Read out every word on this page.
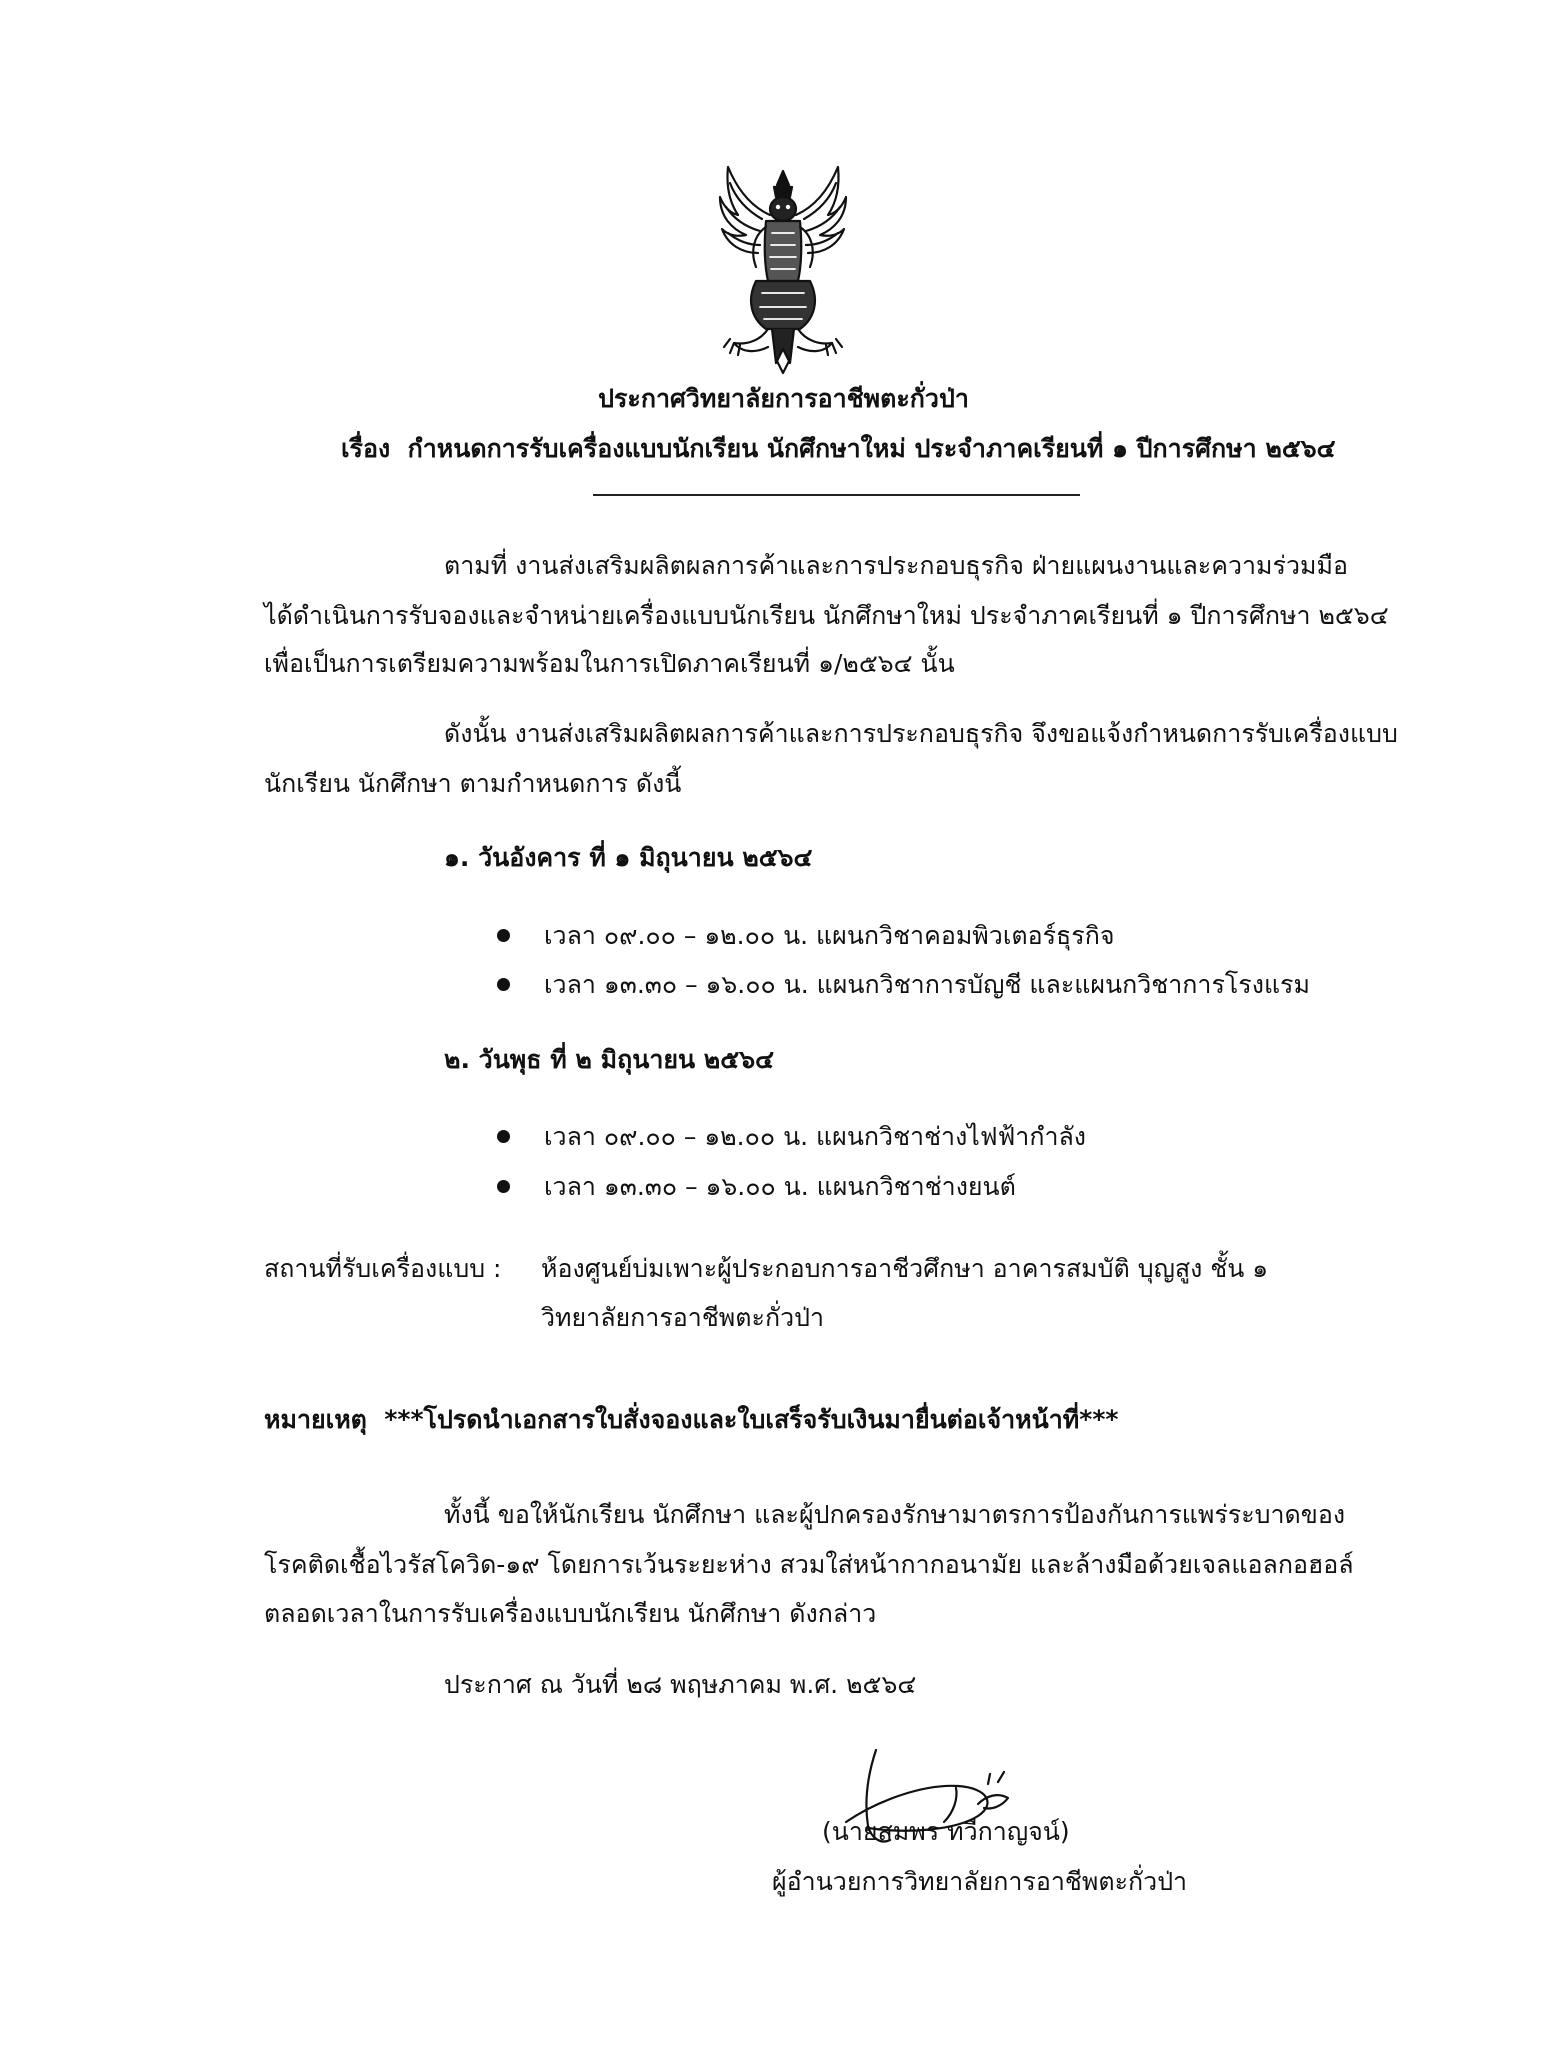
ประกาศวิทยาลัยการอาชีพตะกั่วป่า
เรื่อง กำหนดการรับเครื่องแบบนักเรียน นักศึกษาใหม่ ประจำภาคเรียนที่ ๑ ปีการศึกษา ๒๕๖๔
ตามที่ งานส่งเสริมผลิตผลการค้าและการประกอบธุรกิจ ฝ่ายแผนงานและความร่วมมือ
ได้ดำเนินการรับจองและจำหน่ายเครื่องแบบนักเรียน นักศึกษาใหม่ ประจำภาคเรียนที่ ๑ ปีการศึกษา ๒๕๖๔
เพื่อเป็นการเตรียมความพร้อมในการเปิดภาคเรียนที่ ๑/๒๕๖๔ นั้น
ดังนั้น งานส่งเสริมผลิตผลการค้าและการประกอบธุรกิจ จึงขอแจ้งกำหนดการรับเครื่องแบบ
นักเรียน นักศึกษา ตามกำหนดการ ดังนี้
๑. วันอังคาร ที่ ๑ มิถุนายน ๒๕๖๔
เวลา ๐๙.๐๐ – ๑๒.๐๐ น. แผนกวิชาคอมพิวเตอร์ธุรกิจ
เวลา ๑๓.๓๐ – ๑๖.๐๐ น. แผนกวิชาการบัญชี และแผนกวิชาการโรงแรม
๒. วันพุธ ที่ ๒ มิถุนายน ๒๕๖๔
เวลา ๐๙.๐๐ – ๑๒.๐๐ น. แผนกวิชาช่างไฟฟ้ากำลัง
เวลา ๑๓.๓๐ – ๑๖.๐๐ น. แผนกวิชาช่างยนต์
สถานที่รับเครื่องแบบ : ห้องศูนย์บ่มเพาะผู้ประกอบการอาชีวศึกษา อาคารสมบัติ บุญสูง ชั้น ๑
วิทยาลัยการอาชีพตะกั่วป่า
หมายเหตุ ***โปรดนำเอกสารใบสั่งจองและใบเสร็จรับเงินมายื่นต่อเจ้าหน้าที่***
ทั้งนี้ ขอให้นักเรียน นักศึกษา และผู้ปกครองรักษามาตรการป้องกันการแพร่ระบาดของ
โรคติดเชื้อไวรัสโควิด-๑๙ โดยการเว้นระยะห่าง สวมใส่หน้ากากอนามัย และล้างมือด้วยเจลแอลกอฮอล์
ตลอดเวลาในการรับเครื่องแบบนักเรียน นักศึกษา ดังกล่าว
ประกาศ ณ วันที่ ๒๘ พฤษภาคม พ.ศ. ๒๕๖๔
(นายสมพร ทวีกาญจน์)
ผู้อำนวยการวิทยาลัยการอาชีพตะกั่วป่า
